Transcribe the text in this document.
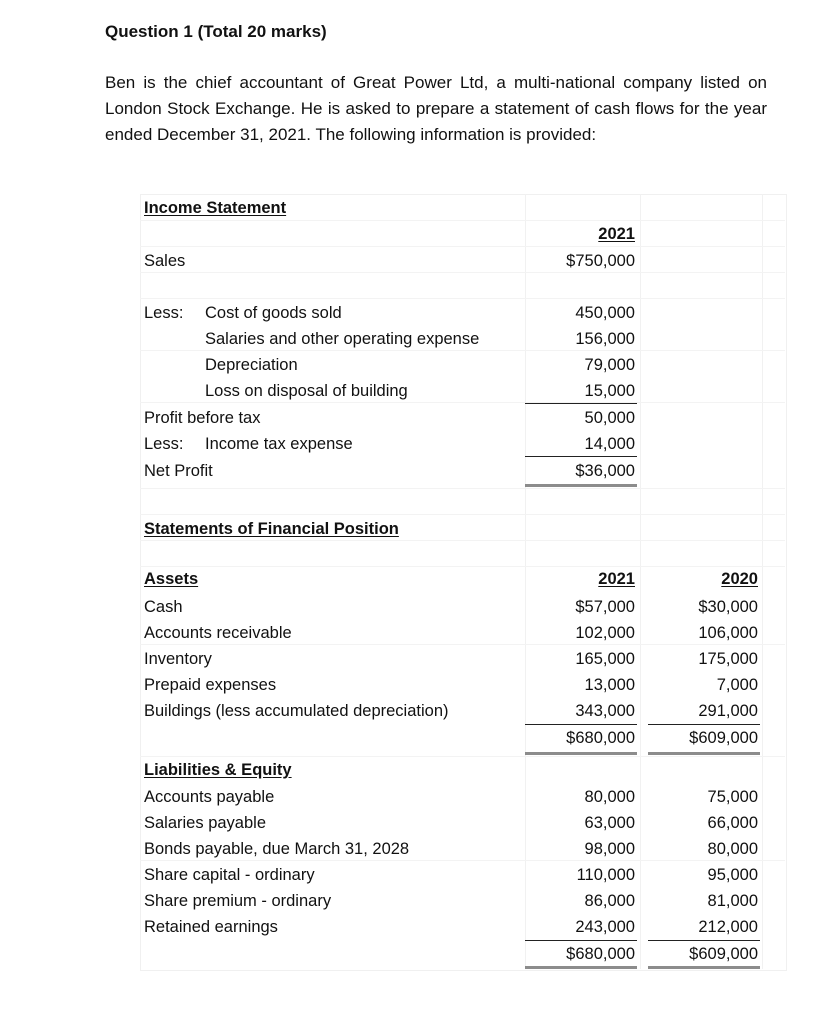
Question 1 (Total 20 marks)
Ben is the chief accountant of Great Power Ltd, a multi-national company listed on London Stock Exchange. He is asked to prepare a statement of cash flows for the year ended December 31, 2021. The following information is provided:
Income Statement
2021
Sales	$750,000
Less: Cost of goods sold	450,000
Salaries and other operating expense	156,000
Depreciation	79,000
Loss on disposal of building	15,000
Profit before tax	50,000
Less: Income tax expense	14,000
Net Profit	$36,000
Statements of Financial Position
Assets	2021	2020
Cash	$57,000	$30,000
Accounts receivable	102,000	106,000
Inventory	165,000	175,000
Prepaid expenses	13,000	7,000
Buildings (less accumulated depreciation)	343,000	291,000
$680,000	$609,000
Liabilities & Equity
Accounts payable	80,000	75,000
Salaries payable	63,000	66,000
Bonds payable, due March 31, 2028	98,000	80,000
Share capital - ordinary	110,000	95,000
Share premium - ordinary	86,000	81,000
Retained earnings	243,000	212,000
$680,000	$609,000
